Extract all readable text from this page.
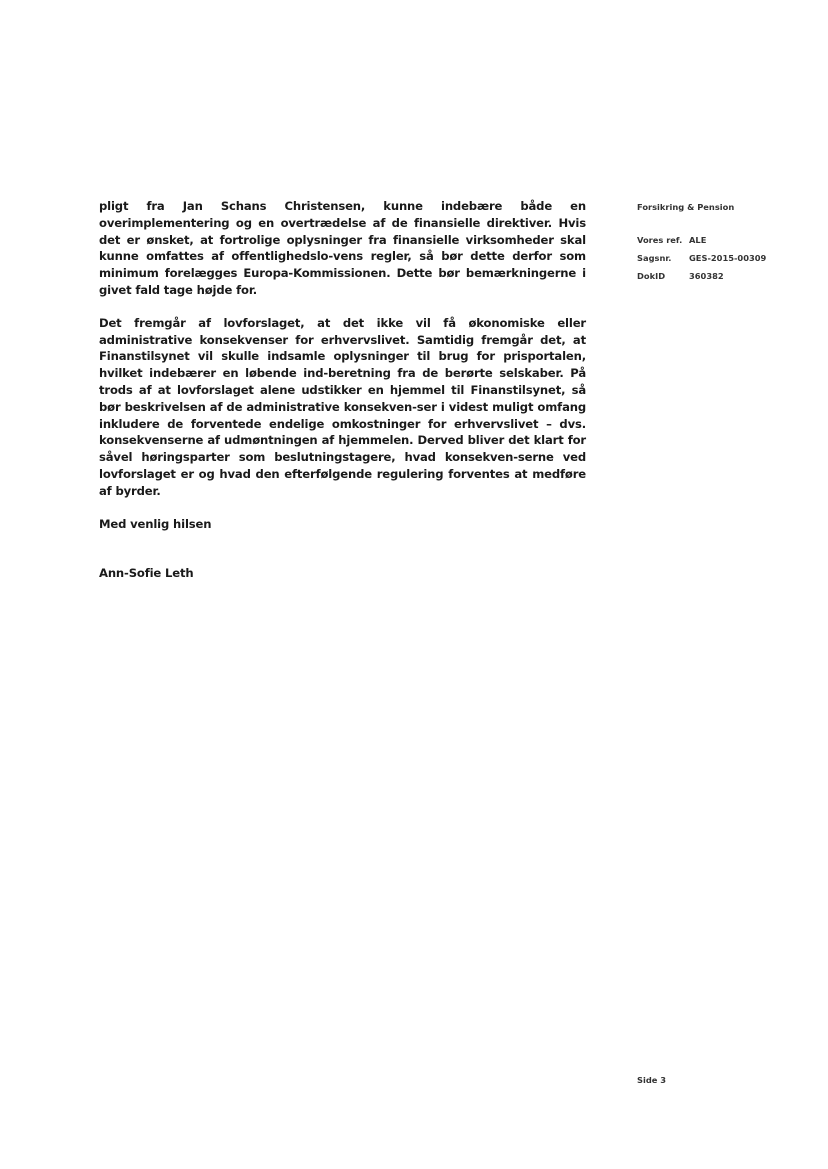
pligt fra Jan Schans Christensen, kunne indebære både en overimplementering og en overtrædelse af de finansielle direktiver. Hvis det er ønsket, at fortrolige oplysninger fra finansielle virksomheder skal kunne omfattes af offentlighedslo-vens regler, så bør dette derfor som minimum forelægges Europa-Kommissionen. Dette bør bemærkningerne i givet fald tage højde for.

Det fremgår af lovforslaget, at det ikke vil få økonomiske eller administrative konsekvenser for erhvervslivet. Samtidig fremgår det, at Finanstilsynet vil skulle indsamle oplysninger til brug for prisportalen, hvilket indebærer en løbende ind-beretning fra de berørte selskaber. På trods af at lovforslaget alene udstikker en hjemmel til Finanstilsynet, så bør beskrivelsen af de administrative konsekven-ser i videst muligt omfang inkludere de forventede endelige omkostninger for erhvervslivet – dvs. konsekvenserne af udmøntningen af hjemmelen. Derved bliver det klart for såvel høringsparter som beslutningstagere, hvad konsekven-serne ved lovforslaget er og hvad den efterfølgende regulering forventes at medføre af byrder.

Med venlig hilsen

Ann-Sofie Leth

Forsikring & Pension
Vores ref. ALE
Sagsnr.	GES-2015-00309
DokID	360382
Side 3
